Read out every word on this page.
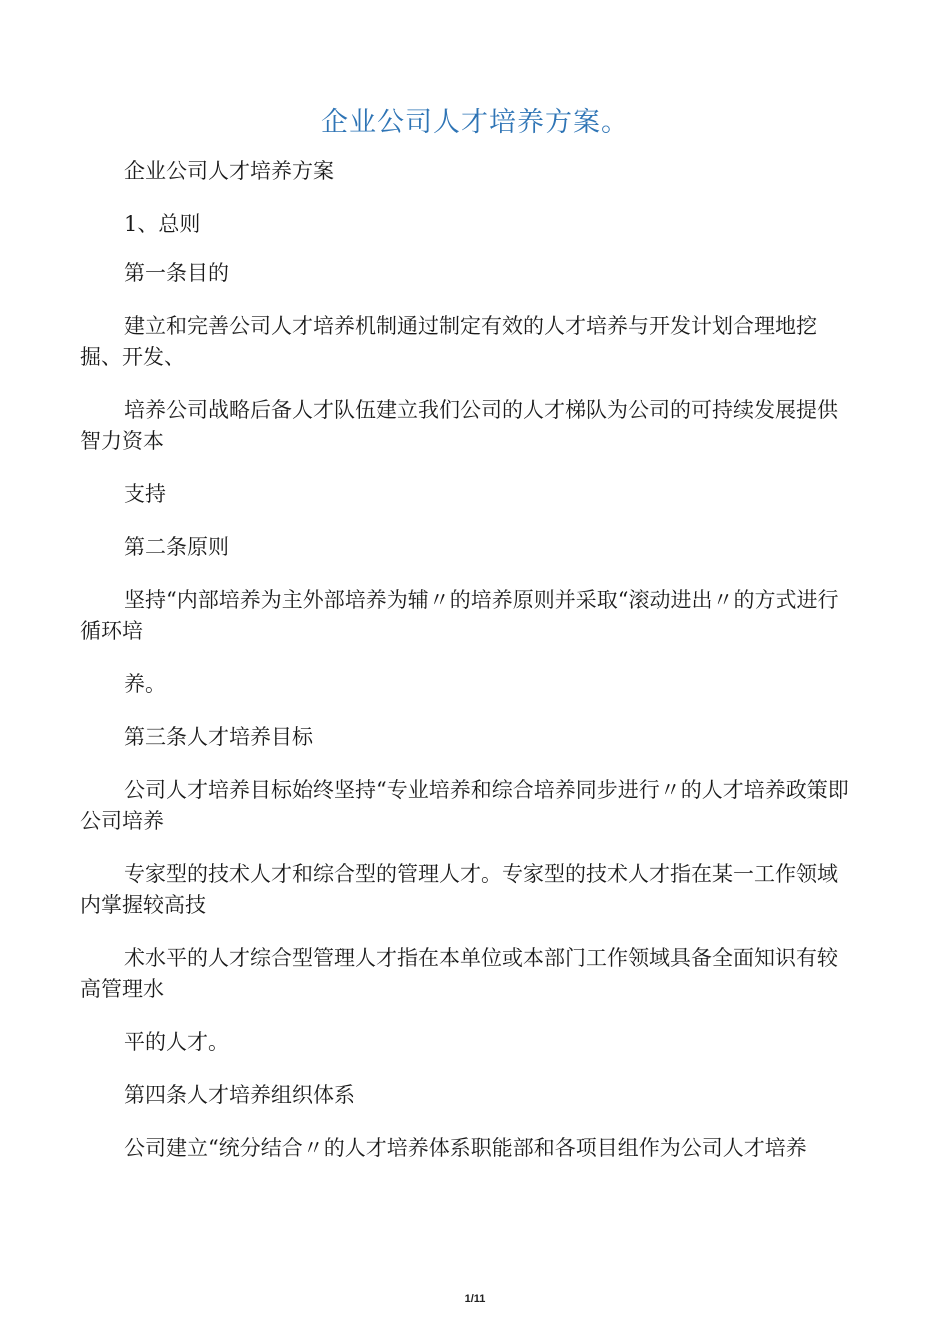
企业公司人才培养方案。

企业公司人才培养方案

1、总则

第一条目的

建立和完善公司人才培养机制通过制定有效的人才培养与开发计划合理地挖掘、开发、

培养公司战略后备人才队伍建立我们公司的人才梯队为公司的可持续发展提供智力资本

支持

第二条原则

坚持“内部培养为主外部培养为辅〃的培养原则并采取“滚动进出〃的方式进行循环培

养。

第三条人才培养目标

公司人才培养目标始终坚持“专业培养和综合培养同步进行〃的人才培养政策即公司培养

专家型的技术人才和综合型的管理人才。专家型的技术人才指在某一工作领域内掌握较高技

术水平的人才综合型管理人才指在本单位或本部门工作领域具备全面知识有较高管理水

平的人才。

第四条人才培养组织体系

公司建立“统分结合〃的人才培养体系职能部和各项目组作为公司人才培养

1/11
